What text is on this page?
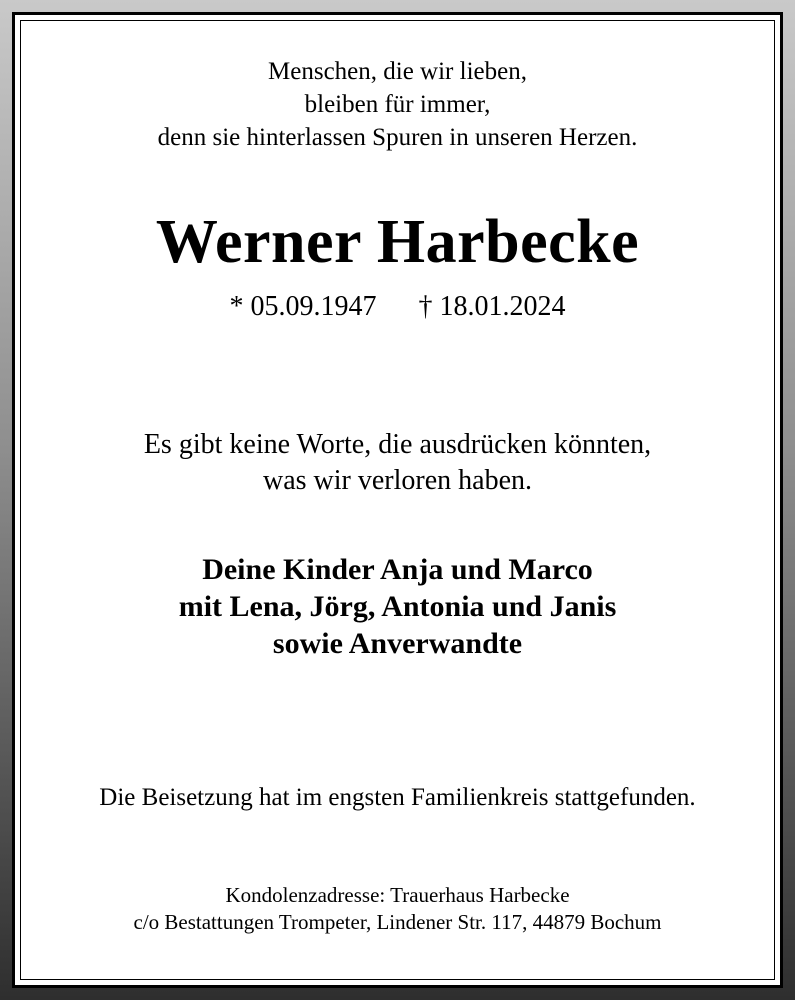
Menschen, die wir lieben,
bleiben für immer,
denn sie hinterlassen Spuren in unseren Herzen.
Werner Harbecke
* 05.09.1947 † 18.01.2024
Es gibt keine Worte, die ausdrücken könnten,
was wir verloren haben.
Deine Kinder Anja und Marco
mit Lena, Jörg, Antonia und Janis
sowie Anverwandte
Die Beisetzung hat im engsten Familienkreis stattgefunden.
Kondolenzadresse: Trauerhaus Harbecke
c/o Bestattungen Trompeter, Lindener Str. 117, 44879 Bochum
